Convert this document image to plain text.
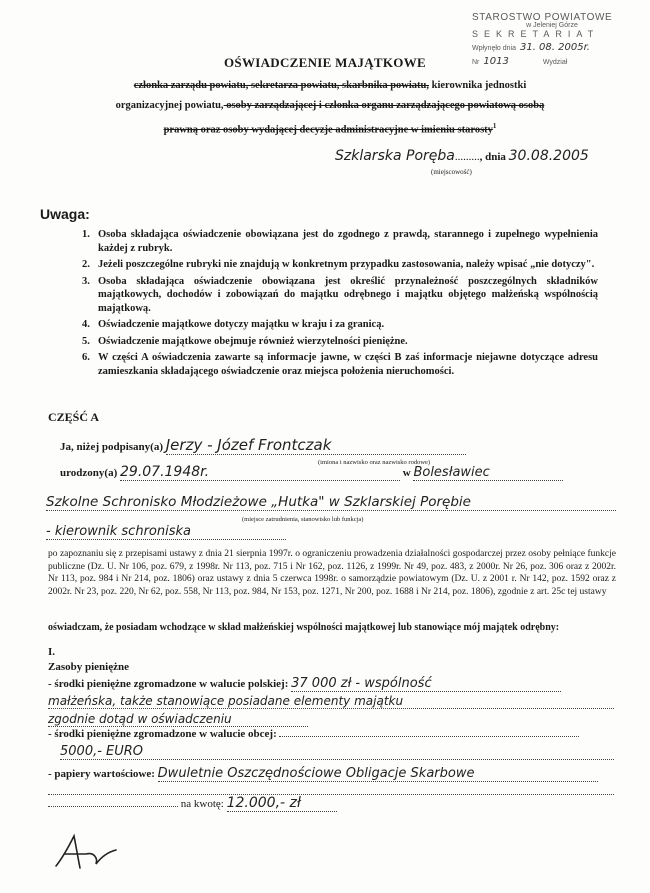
STAROSTWO POWIATOWE
w Jeleniej Górze
SEKRETARIAT
Wpłynęło dnia 31. 08. 2005r.
Nr 1013	Wydział
OŚWIADCZENIE MAJĄTKOWE
członka zarządu powiatu, sekretarza powiatu, skarbnika powiatu, kierownika jednostki
organizacyjnej powiatu, osoby zarządzającej i członka organu zarządzającego powiatową osobą
prawną oraz osoby wydającej decyzje administracyjne w imieniu starosty$^1$
Szklarska Poręba........., dnia 30.08.2005
(miejscowość)
Uwaga:
1. Osoba składająca oświadczenie obowiązana jest do zgodnego z prawdą, starannego i zupełnego wypełnienia każdej z rubryk.
2. Jeżeli poszczególne rubryki nie znajdują w konkretnym przypadku zastosowania, należy wpisać „nie dotyczy".
3. Osoba składająca oświadczenie obowiązana jest określić przynależność poszczególnych składników majątkowych, dochodów i zobowiązań do majątku odrębnego i majątku objętego małżeńską wspólnością majątkową.
4. Oświadczenie majątkowe dotyczy majątku w kraju i za granicą.
5. Oświadczenie majątkowe obejmuje również wierzytelności pieniężne.
6. W części A oświadczenia zawarte są informacje jawne, w części B zaś informacje niejawne dotyczące adresu zamieszkania składającego oświadczenie oraz miejsca położenia nieruchomości.
CZĘŚĆ A
Ja, niżej podpisany(a) Jerzy - Józef Frontczak
(imiona i nazwisko oraz nazwisko rodowe)
urodzony(a) 29.07.1948r.	w Bolesławiec
Szkolne Schronisko Młodzieżowe „Hutka" w Szklarskiej Porębie
(miejsce zatrudnienia, stanowisko lub funkcja)
- kierownik schroniska
po zapoznaniu się z przepisami ustawy z dnia 21 sierpnia 1997r. o ograniczeniu prowadzenia działalności gospodarczej przez osoby pełniące funkcje publiczne (Dz. U. Nr 106, poz. 679, z 1998r. Nr 113, poz. 715 i Nr 162, poz. 1126, z 1999r. Nr 49, poz. 483, z 2000r. Nr 26, poz. 306 oraz z 2002r. Nr 113, poz. 984 i Nr 214, poz. 1806) oraz ustawy z dnia 5 czerwca 1998r. o samorządzie powiatowym (Dz. U. z 2001 r. Nr 142, poz. 1592 oraz z 2002r. Nr 23, poz. 220, Nr 62, poz. 558, Nr 113, poz. 984, Nr 153, poz. 1271, Nr 200, poz. 1688 i Nr 214, poz. 1806), zgodnie z art. 25c tej ustawy
oświadczam, że posiadam wchodzące w skład małżeńskiej wspólności majątkowej lub stanowiące mój majątek odrębny:
I.
Zasoby pieniężne
- środki pieniężne zgromadzone w walucie polskiej: 37 000 zł - wspólność
małżeńska, także stanowiące posiadane elementy majątku
zgodnie dotąd w oświadczeniu
- środki pieniężne zgromadzone w walucie obcej:
5000,- EURO
- papiery wartościowe: Dwuletnie Oszczędnościowe Obligacje Skarbowe
na kwotę: 12.000,- zł
